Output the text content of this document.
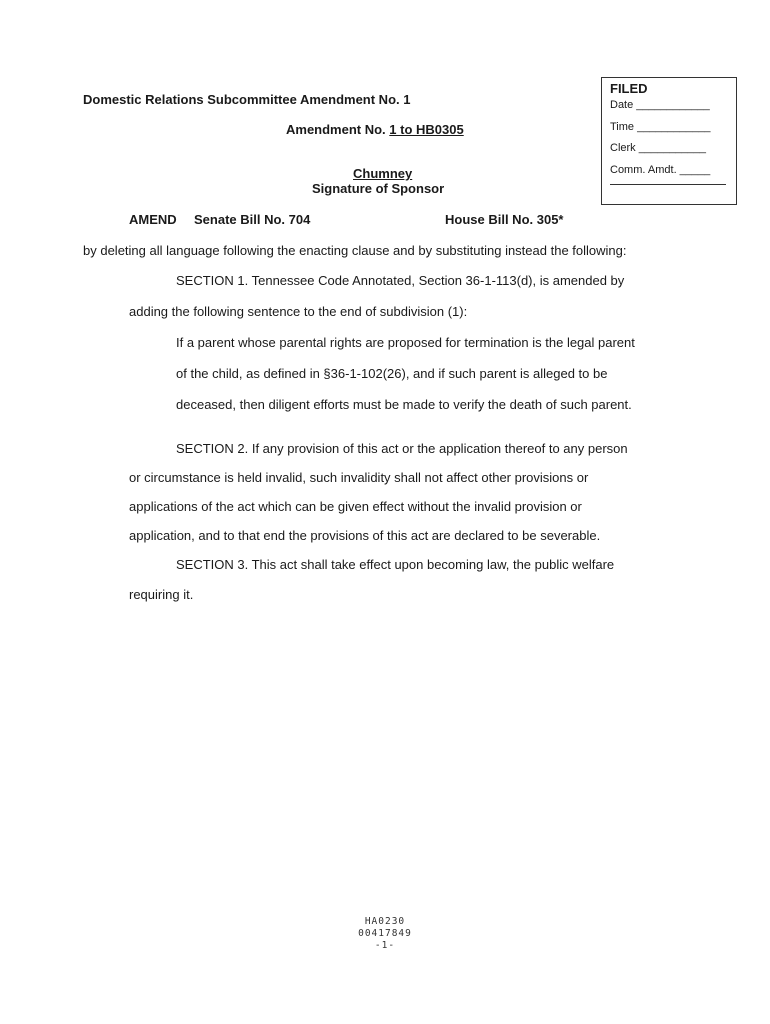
Domestic Relations Subcommittee Amendment No. 1
Amendment No. 1 to HB0305
Chumney
Signature of Sponsor
AMEND Senate Bill No. 704	House Bill No. 305*
FILED
Date ____________
Time ____________
Clerk ___________
Comm. Amdt. _____
by deleting all language following the enacting clause and by substituting instead the following:
SECTION 1. Tennessee Code Annotated, Section 36-1-113(d), is amended by
adding the following sentence to the end of subdivision (1):
If a parent whose parental rights are proposed for termination is the legal parent
of the child, as defined in §36-1-102(26), and if such parent is alleged to be
deceased, then diligent efforts must be made to verify the death of such parent.
SECTION 2. If any provision of this act or the application thereof to any person
or circumstance is held invalid, such invalidity shall not affect other provisions or
applications of the act which can be given effect without the invalid provision or
application, and to that end the provisions of this act are declared to be severable.
SECTION 3. This act shall take effect upon becoming law, the public welfare
requiring it.
HA0230
00417849
-1-
